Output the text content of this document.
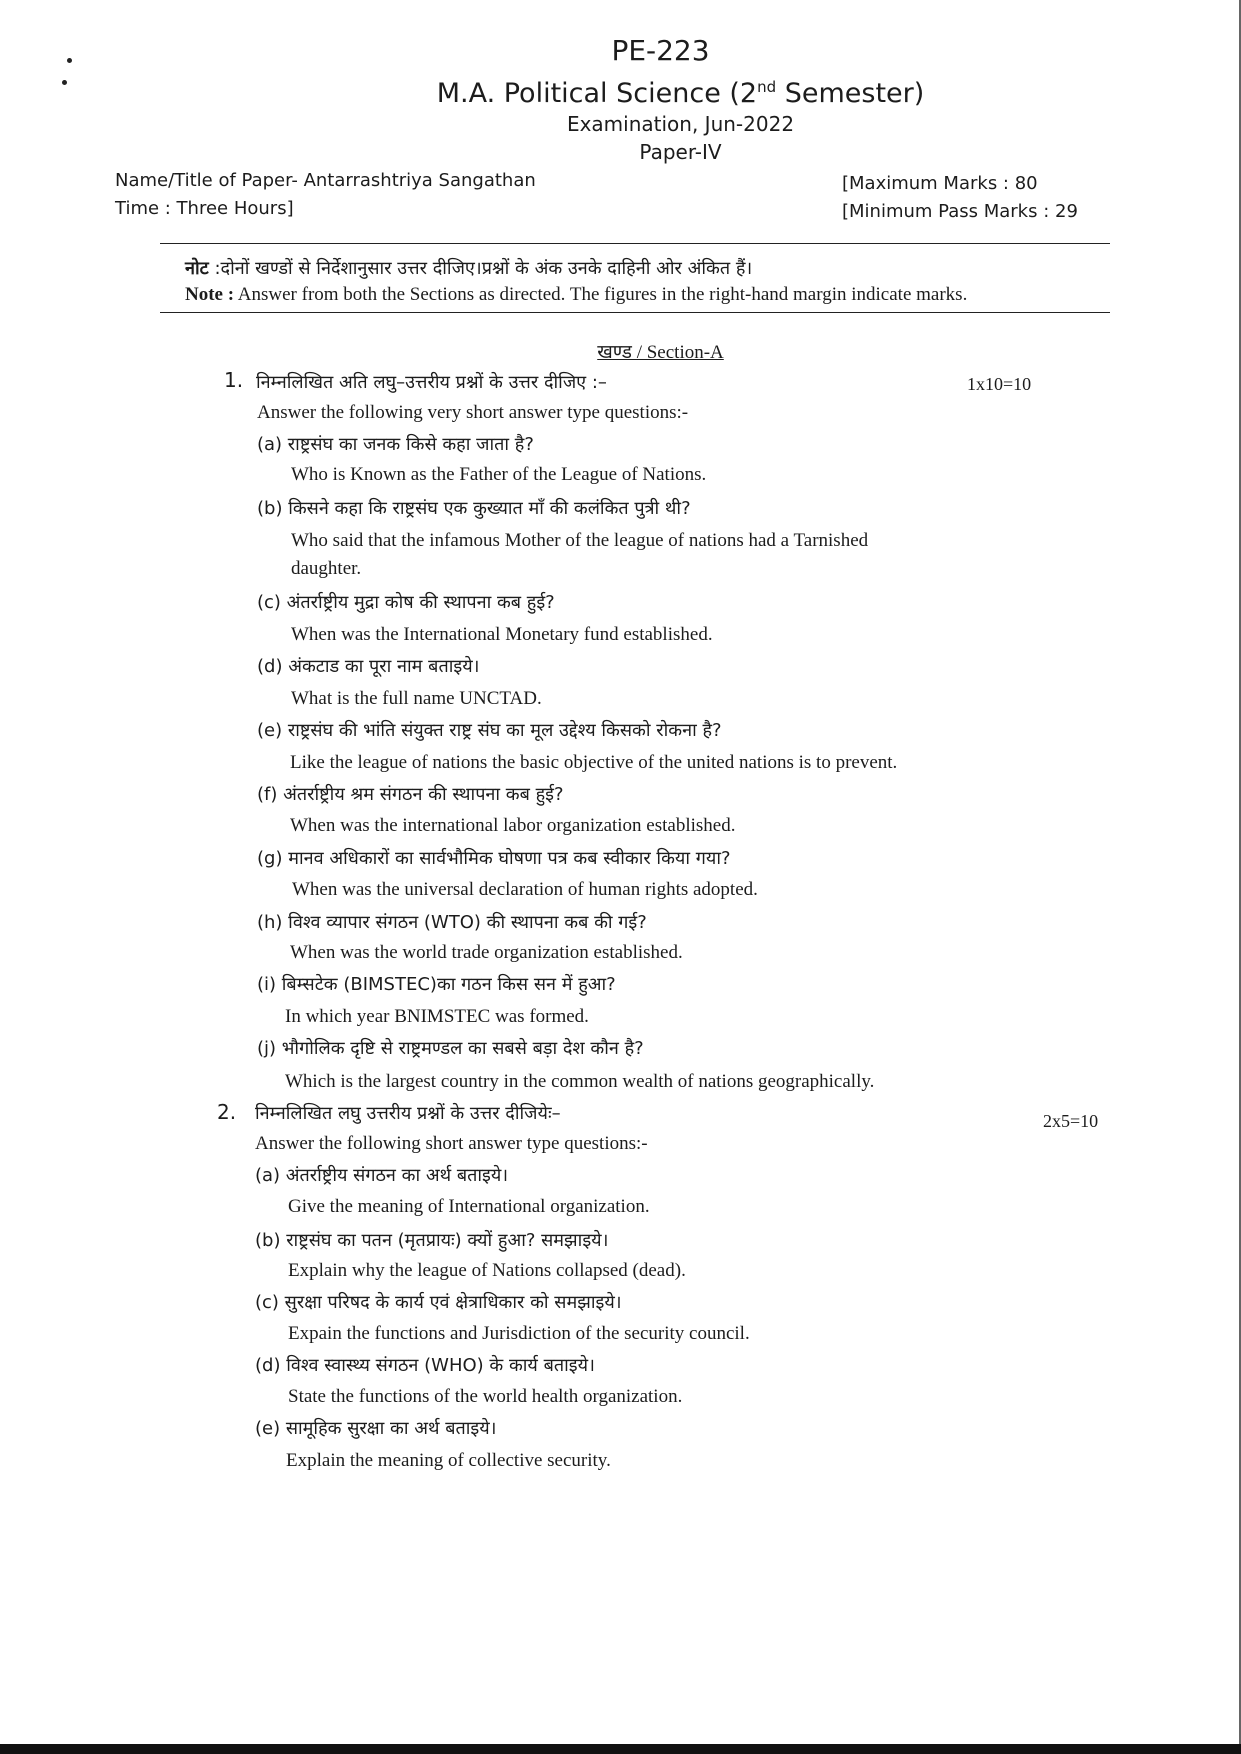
PE-223
M.A. Political Science (2nd Semester)
Examination, Jun-2022
Paper-IV
Name/Title of Paper- Antarrashtriya Sangathan
Time : Three Hours]
[Maximum Marks : 80
[Minimum Pass Marks : 29
नोट :दोनों खण्डों से निर्देशानुसार उत्तर दीजिए।प्रश्नों के अंक उनके दाहिनी ओर अंकित हैं।
Note : Answer from both the Sections as directed. The figures in the right-hand margin indicate marks.
खण्ड / Section-A
1. निम्नलिखित अति लघु–उत्तरीय प्रश्नों के उत्तर दीजिए :–	1x10=10
Answer the following very short answer type questions:-
(a) राष्ट्रसंघ का जनक किसे कहा जाता है?
Who is Known as the Father of the League of Nations.
(b) किसने कहा कि राष्ट्रसंघ एक कुख्यात माँ की कलंकित पुत्री थी?
Who said that the infamous Mother of the league of nations had a Tarnished
daughter.
(c) अंतर्राष्ट्रीय मुद्रा कोष की स्थापना कब हुई?
When was the International Monetary fund established.
(d) अंकटाड का पूरा नाम बताइये।
What is the full name UNCTAD.
(e) राष्ट्रसंघ की भांति संयुक्त राष्ट्र संघ का मूल उद्देश्य किसको रोकना है?
Like the league of nations the basic objective of the united nations is to prevent.
(f) अंतर्राष्ट्रीय श्रम संगठन की स्थापना कब हुई?
When was the international labor organization established.
(g) मानव अधिकारों का सार्वभौमिक घोषणा पत्र कब स्वीकार किया गया?
When was the universal declaration of human rights adopted.
(h) विश्व व्यापार संगठन (WTO) की स्थापना कब की गई?
When was the world trade organization established.
(i) बिम्सटेक (BIMSTEC)का गठन किस सन में हुआ?
In which year BNIMSTEC was formed.
(j) भौगोलिक दृष्टि से राष्ट्रमण्डल का सबसे बड़ा देश कौन है?
Which is the largest country in the common wealth of nations geographically.
2. निम्नलिखित लघु उत्तरीय प्रश्नों के उत्तर दीजियेः–	2x5=10
Answer the following short answer type questions:-
(a) अंतर्राष्ट्रीय संगठन का अर्थ बताइये।
Give the meaning of International organization.
(b) राष्ट्रसंघ का पतन (मृतप्रायः) क्यों हुआ? समझाइये।
Explain why the league of Nations collapsed (dead).
(c) सुरक्षा परिषद के कार्य एवं क्षेत्राधिकार को समझाइये।
Expain the functions and Jurisdiction of the security council.
(d) विश्व स्वास्थ्य संगठन (WHO) के कार्य बताइये।
State the functions of the world health organization.
(e) सामूहिक सुरक्षा का अर्थ बताइये।
Explain the meaning of collective security.
